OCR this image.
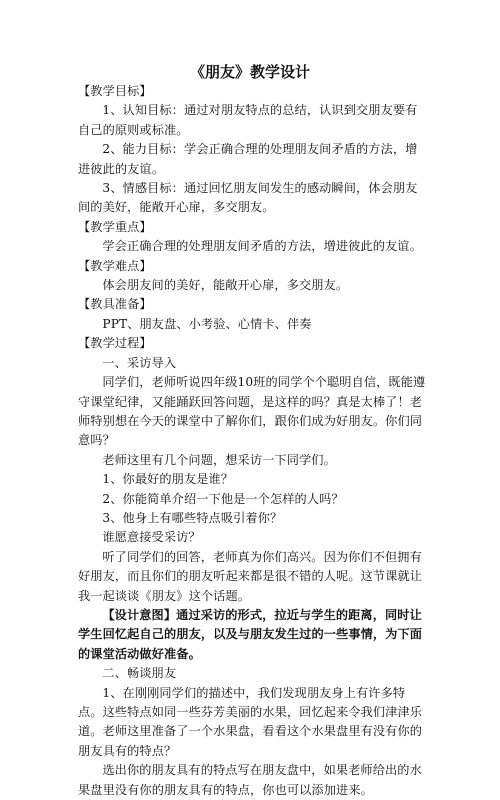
《朋友》教学设计

【教学目标】

1、认知目标：通过对朋友特点的总结，认识到交朋友要有自己的原则或标准。

2、能力目标：学会正确合理的处理朋友间矛盾的方法，增进彼此的友谊。

3、情感目标：通过回忆朋友间发生的感动瞬间，体会朋友间的美好，能敞开心扉，多交朋友。

【教学重点】

学会正确合理的处理朋友间矛盾的方法，增进彼此的友谊。

【教学难点】

体会朋友间的美好，能敞开心扉，多交朋友。

【教具准备】

PPT、朋友盘、小考验、心情卡、伴奏

【教学过程】

一、采访导入

同学们，老师听说四年级10班的同学个个聪明自信，既能遵守课堂纪律，又能踊跃回答问题，是这样的吗？真是太棒了！老师特别想在今天的课堂中了解你们，跟你们成为好朋友。你们同意吗？

老师这里有几个问题，想采访一下同学们。

1、你最好的朋友是谁？

2、你能简单介绍一下他是一个怎样的人吗？

3、他身上有哪些特点吸引着你？

谁愿意接受采访？

听了同学们的回答，老师真为你们高兴。因为你们不但拥有好朋友，而且你们的朋友听起来都是很不错的人呢。这节课就让我一起谈谈《朋友》这个话题。

【设计意图】通过采访的形式，拉近与学生的距离，同时让学生回忆起自己的朋友，以及与朋友发生过的一些事情，为下面的课堂活动做好准备。

二、畅谈朋友

1、在刚刚同学们的描述中，我们发现朋友身上有许多特点。这些特点如同一些芬芳美丽的水果，回忆起来令我们津津乐道。老师这里准备了一个水果盘，看看这个水果盘里有没有你的朋友具有的特点？

选出你的朋友具有的特点写在朋友盘中，如果老师给出的水果盘里没有你的朋友具有的特点，你也可以添加进来。
